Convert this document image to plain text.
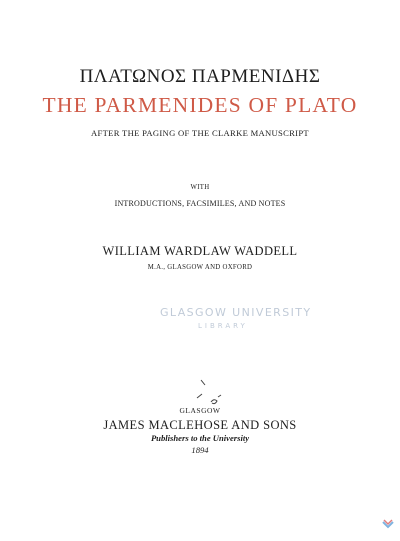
ΠΛΑΤΩΝΟΣ ΠΑΡΜΕΝΙΔΗΣ
THE PARMENIDES OF PLATO
AFTER THE PAGING OF THE CLARKE MANUSCRIPT
WITH
INTRODUCTIONS, FACSIMILES, AND NOTES
WILLIAM WARDLAW WADDELL
M.A., GLASGOW AND OXFORD
GLASGOW UNIVERSITY
LIBRARY
GLASGOW
JAMES MACLEHOSE AND SONS
Publishers to the University
1894
